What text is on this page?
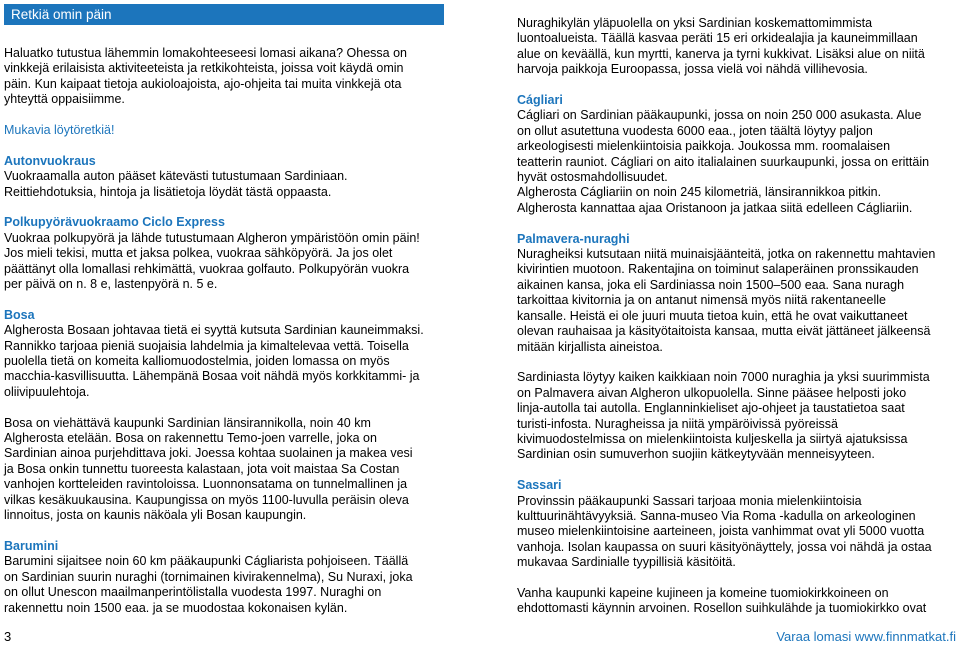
Retkiä omin päin

Haluatko tutustua lähemmin lomakohteeseesi lomasi aikana? Ohessa on
vinkkejä erilaisista aktiviteeteista ja retkikohteista, joissa voit käydä omin
päin. Kun kaipaat tietoja aukioloajoista, ajo-ohjeita tai muita vinkkejä ota
yhteyttä oppaisiimme.

Mukavia löytöretkiä!

Autonvuokraus

Vuokraamalla auton pääset kätevästi tutustumaan Sardiniaan.
Reittiehdotuksia, hintoja ja lisätietoja löydät tästä oppaasta.

Polkupyörävuokraamo Ciclo Express

Vuokraa polkupyörä ja lähde tutustumaan Algheron ympäristöön omin päin!
Jos mieli tekisi, mutta et jaksa polkea, vuokraa sähköpyörä. Ja jos olet
päättänyt olla lomallasi rehkimättä, vuokraa golfauto. Polkupyörän vuokra
per päivä on n. 8 e, lastenpyörä n. 5 e.

Bosa

Algherosta Bosaan johtavaa tietä ei syyttä kutsuta Sardinian kauneimmaksi.
Rannikko tarjoaa pieniä suojaisia lahdelmia ja kimaltelevaa vettä. Toisella
puolella tietä on komeita kalliomuodostelmia, joiden lomassa on myös
macchia-kasvillisuutta. Lähempänä Bosaa voit nähdä myös korkkitammi- ja
oliivipuulehtoja.

Bosa on viehättävä kaupunki Sardinian länsirannikolla, noin 40 km
Algherosta etelään. Bosa on rakennettu Temo-joen varrelle, joka on
Sardinian ainoa purjehdittava joki. Joessa kohtaa suolainen ja makea vesi
ja Bosa onkin tunnettu tuoreesta kalastaan, jota voit maistaa Sa Costan
vanhojen kortteleiden ravintoloissa. Luonnonsatama on tunnelmallinen ja
vilkas kesäkuukausina. Kaupungissa on myös 1100-luvulla peräisin oleva
linnoitus, josta on kaunis näköala yli Bosan kaupungin.

Barumini

Barumini sijaitsee noin 60 km pääkaupunki Cágliarista pohjoiseen. Täällä
on Sardinian suurin nuraghi (tornimainen kivirakennelma), Su Nuraxi, joka
on ollut Unescon maailmanperintölistalla vuodesta 1997. Nuraghi on
rakennettu noin 1500 eaa. ja se muodostaa kokonaisen kylän.

Nuraghikylän yläpuolella on yksi Sardinian koskemattomimmista
luontoalueista. Täällä kasvaa peräti 15 eri orkidealajia ja kauneimmillaan
alue on keväällä, kun myrtti, kanerva ja tyrni kukkivat. Lisäksi alue on niitä
harvoja paikkoja Euroopassa, jossa vielä voi nähdä villihevosia.

Cágliari

Cágliari on Sardinian pääkaupunki, jossa on noin 250 000 asukasta. Alue
on ollut asutettuna vuodesta 6000 eaa., joten täältä löytyy paljon
arkeologisesti mielenkiintoisia paikkoja. Joukossa mm. roomalaisen
teatterin rauniot. Cágliari on aito italialainen suurkaupunki, jossa on erittäin
hyvät ostosmahdollisuudet.
Algherosta Cágliariin on noin 245 kilometriä, länsirannikkoa pitkin.
Algherosta kannattaa ajaa Oristanoon ja jatkaa siitä edelleen Cágliariin.

Palmavera-nuraghi

Nuragheiksi kutsutaan niitä muinaisjäänteitä, jotka on rakennettu mahtavien
kivirintien muotoon. Rakentajina on toiminut salaperäinen pronssikauden
aikainen kansa, joka eli Sardiniassa noin 1500–500 eaa. Sana nuragh
tarkoittaa kivitornia ja on antanut nimensä myös niitä rakentaneelle
kansalle. Heistä ei ole juuri muuta tietoa kuin, että he ovat vaikuttaneet
olevan rauhaisaa ja käsityötaitoista kansaa, mutta eivät jättäneet jälkeensä
mitään kirjallista aineistoa.

Sardiniasta löytyy kaiken kaikkiaan noin 7000 nuraghia ja yksi suurimmista
on Palmavera aivan Algheron ulkopuolella. Sinne pääsee helposti joko
linja-autolla tai autolla. Englanninkieliset ajo-ohjeet ja taustatietoa saat
turisti-infosta. Nuragheissa ja niitä ympäröivissä pyöreissä
kivimuodostelmissa on mielenkiintoista kuljeskella ja siirtyä ajatuksissa
Sardinian osin sumuverhon suojiin kätkeytyvään menneisyyteen.

Sassari

Provinssin pääkaupunki Sassari tarjoaa monia mielenkiintoisia
kulttuurinähtävyyksiä. Sanna-museo Via Roma -kadulla on arkeologinen
museo mielenkiintoisine aarteineen, joista vanhimmat ovat yli 5000 vuotta
vanhoja. Isolan kaupassa on suuri käsityönäyttely, jossa voi nähdä ja ostaa
mukavaa Sardinialle tyypillisiä käsitöitä.

Vanha kaupunki kapeine kujineen ja komeine tuomiokirkkoineen on
ehdottomasti käynnin arvoinen. Rosellon suihkulähde ja tuomiokirkko ovat

3	Varaa lomasi www.finnmatkat.fi
